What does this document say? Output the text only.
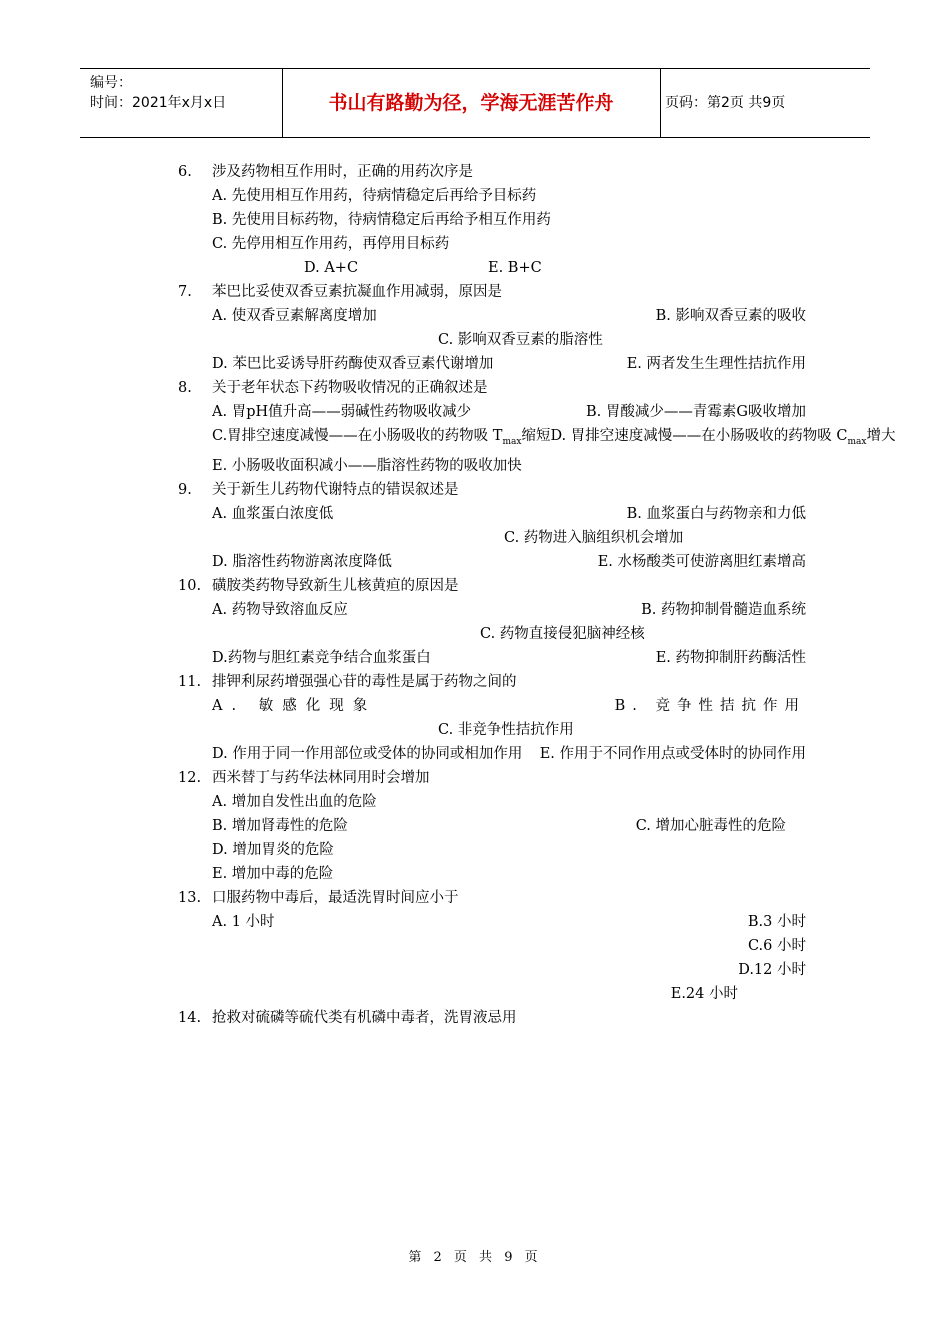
编号：
时间：2021年x月x日	书山有路勤为径，学海无涯苦作舟	页码：第2页 共9页
6.	涉及药物相互作用时，正确的用药次序是
A. 先使用相互作用药，待病情稳定后再给予目标药
B. 先使用目标药物，待病情稳定后再给予相互作用药
C. 先停用相互作用药，再停用目标药
D. A+C	E. B+C
7.	苯巴比妥使双香豆素抗凝血作用减弱，原因是
A. 使双香豆素解离度增加	B. 影响双香豆素的吸收
C. 影响双香豆素的脂溶性
D. 苯巴比妥诱导肝药酶使双香豆素代谢增加	E. 两者发生生理性拮抗作用
8.	关于老年状态下药物吸收情况的正确叙述是
A. 胃pH值升高——弱碱性药物吸收减少	B. 胃酸减少——青霉素G吸收增加
C.胃排空速度减慢——在小肠吸收的药物吸 $T_{max}$缩短 D. 胃排空速度减慢——在小肠吸收的药物吸 $C_{max}$增大
E. 小肠吸收面积减小——脂溶性药物的吸收加快
9.	关于新生儿药物代谢特点的错误叙述是
A. 血浆蛋白浓度低	B. 血浆蛋白与药物亲和力低
C. 药物进入脑组织机会增加
D. 脂溶性药物游离浓度降低	E. 水杨酸类可使游离胆红素增高
10. 磺胺类药物导致新生儿核黄疸的原因是
A. 药物导致溶血反应	B. 药物抑制骨髓造血系统
C. 药物直接侵犯脑神经核
D.药物与胆红素竞争结合血浆蛋白	E. 药物抑制肝药酶活性
11. 排钾利尿药增强强心苷的毒性是属于药物之间的
A. 敏感化现象	B. 竞争性拮抗作用
C. 非竞争性拮抗作用
D. 作用于同一作用部位或受体的协同或相加作用 E. 作用于不同作用点或受体时的协同作用
12. 西米替丁与药华法林同用时会增加
A. 增加自发性出血的危险
B. 增加肾毒性的危险	C. 增加心脏毒性的危险
D. 增加胃炎的危险
E. 增加中毒的危险
13. 口服药物中毒后，最适洗胃时间应小于
A. 1 小时	B.3 小时
C.6 小时
D.12 小时
E.24 小时
14. 抢救对硫磷等硫代类有机磷中毒者，洗胃液忌用
第 2 页 共 9 页
